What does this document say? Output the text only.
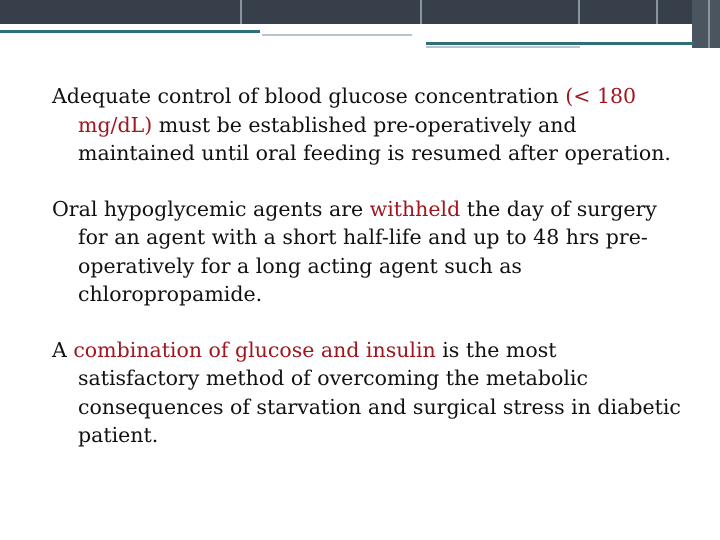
Adequate control of blood glucose concentration (< 180 mg/dL) must be established pre-operatively and maintained until oral feeding is resumed after operation.

Oral hypoglycemic agents are withheld the day of surgery for an agent with a short half-life and up to 48 hrs pre-operatively for a long acting agent such as chloropropamide.

A combination of glucose and insulin is the most satisfactory method of overcoming the metabolic consequences of starvation and surgical stress in diabetic patient.
